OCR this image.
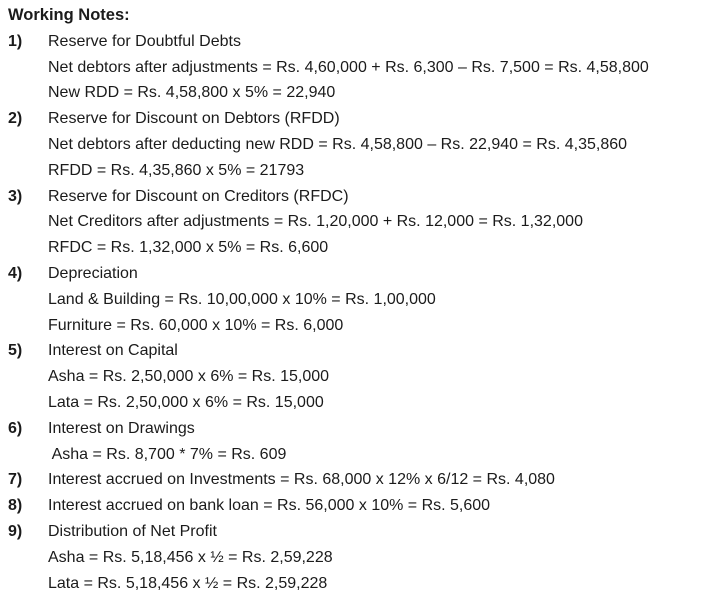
Working Notes:
1)	Reserve for Doubtful Debts
Net debtors after adjustments = Rs. 4,60,000 + Rs. 6,300 – Rs. 7,500 = Rs. 4,58,800
New RDD = Rs. 4,58,800 x 5% = 22,940
2)	Reserve for Discount on Debtors (RFDD)
Net debtors after deducting new RDD = Rs. 4,58,800 – Rs. 22,940 = Rs. 4,35,860
RFDD = Rs. 4,35,860 x 5% = 21793
3)	Reserve for Discount on Creditors (RFDC)
Net Creditors after adjustments = Rs. 1,20,000 + Rs. 12,000 = Rs. 1,32,000
RFDC = Rs. 1,32,000 x 5% = Rs. 6,600
4)	Depreciation
Land & Building = Rs. 10,00,000 x 10% = Rs. 1,00,000
Furniture = Rs. 60,000 x 10% = Rs. 6,000
5)	Interest on Capital
Asha = Rs. 2,50,000 x 6% = Rs. 15,000
Lata = Rs. 2,50,000 x 6% = Rs. 15,000
6)	Interest on Drawings
Asha = Rs. 8,700 * 7% = Rs. 609
7)	Interest accrued on Investments = Rs. 68,000 x 12% x 6/12 = Rs. 4,080
8)	Interest accrued on bank loan = Rs. 56,000 x 10% = Rs. 5,600
9)	Distribution of Net Profit
Asha = Rs. 5,18,456 x ½ = Rs. 2,59,228
Lata = Rs. 5,18,456 x ½ = Rs. 2,59,228
